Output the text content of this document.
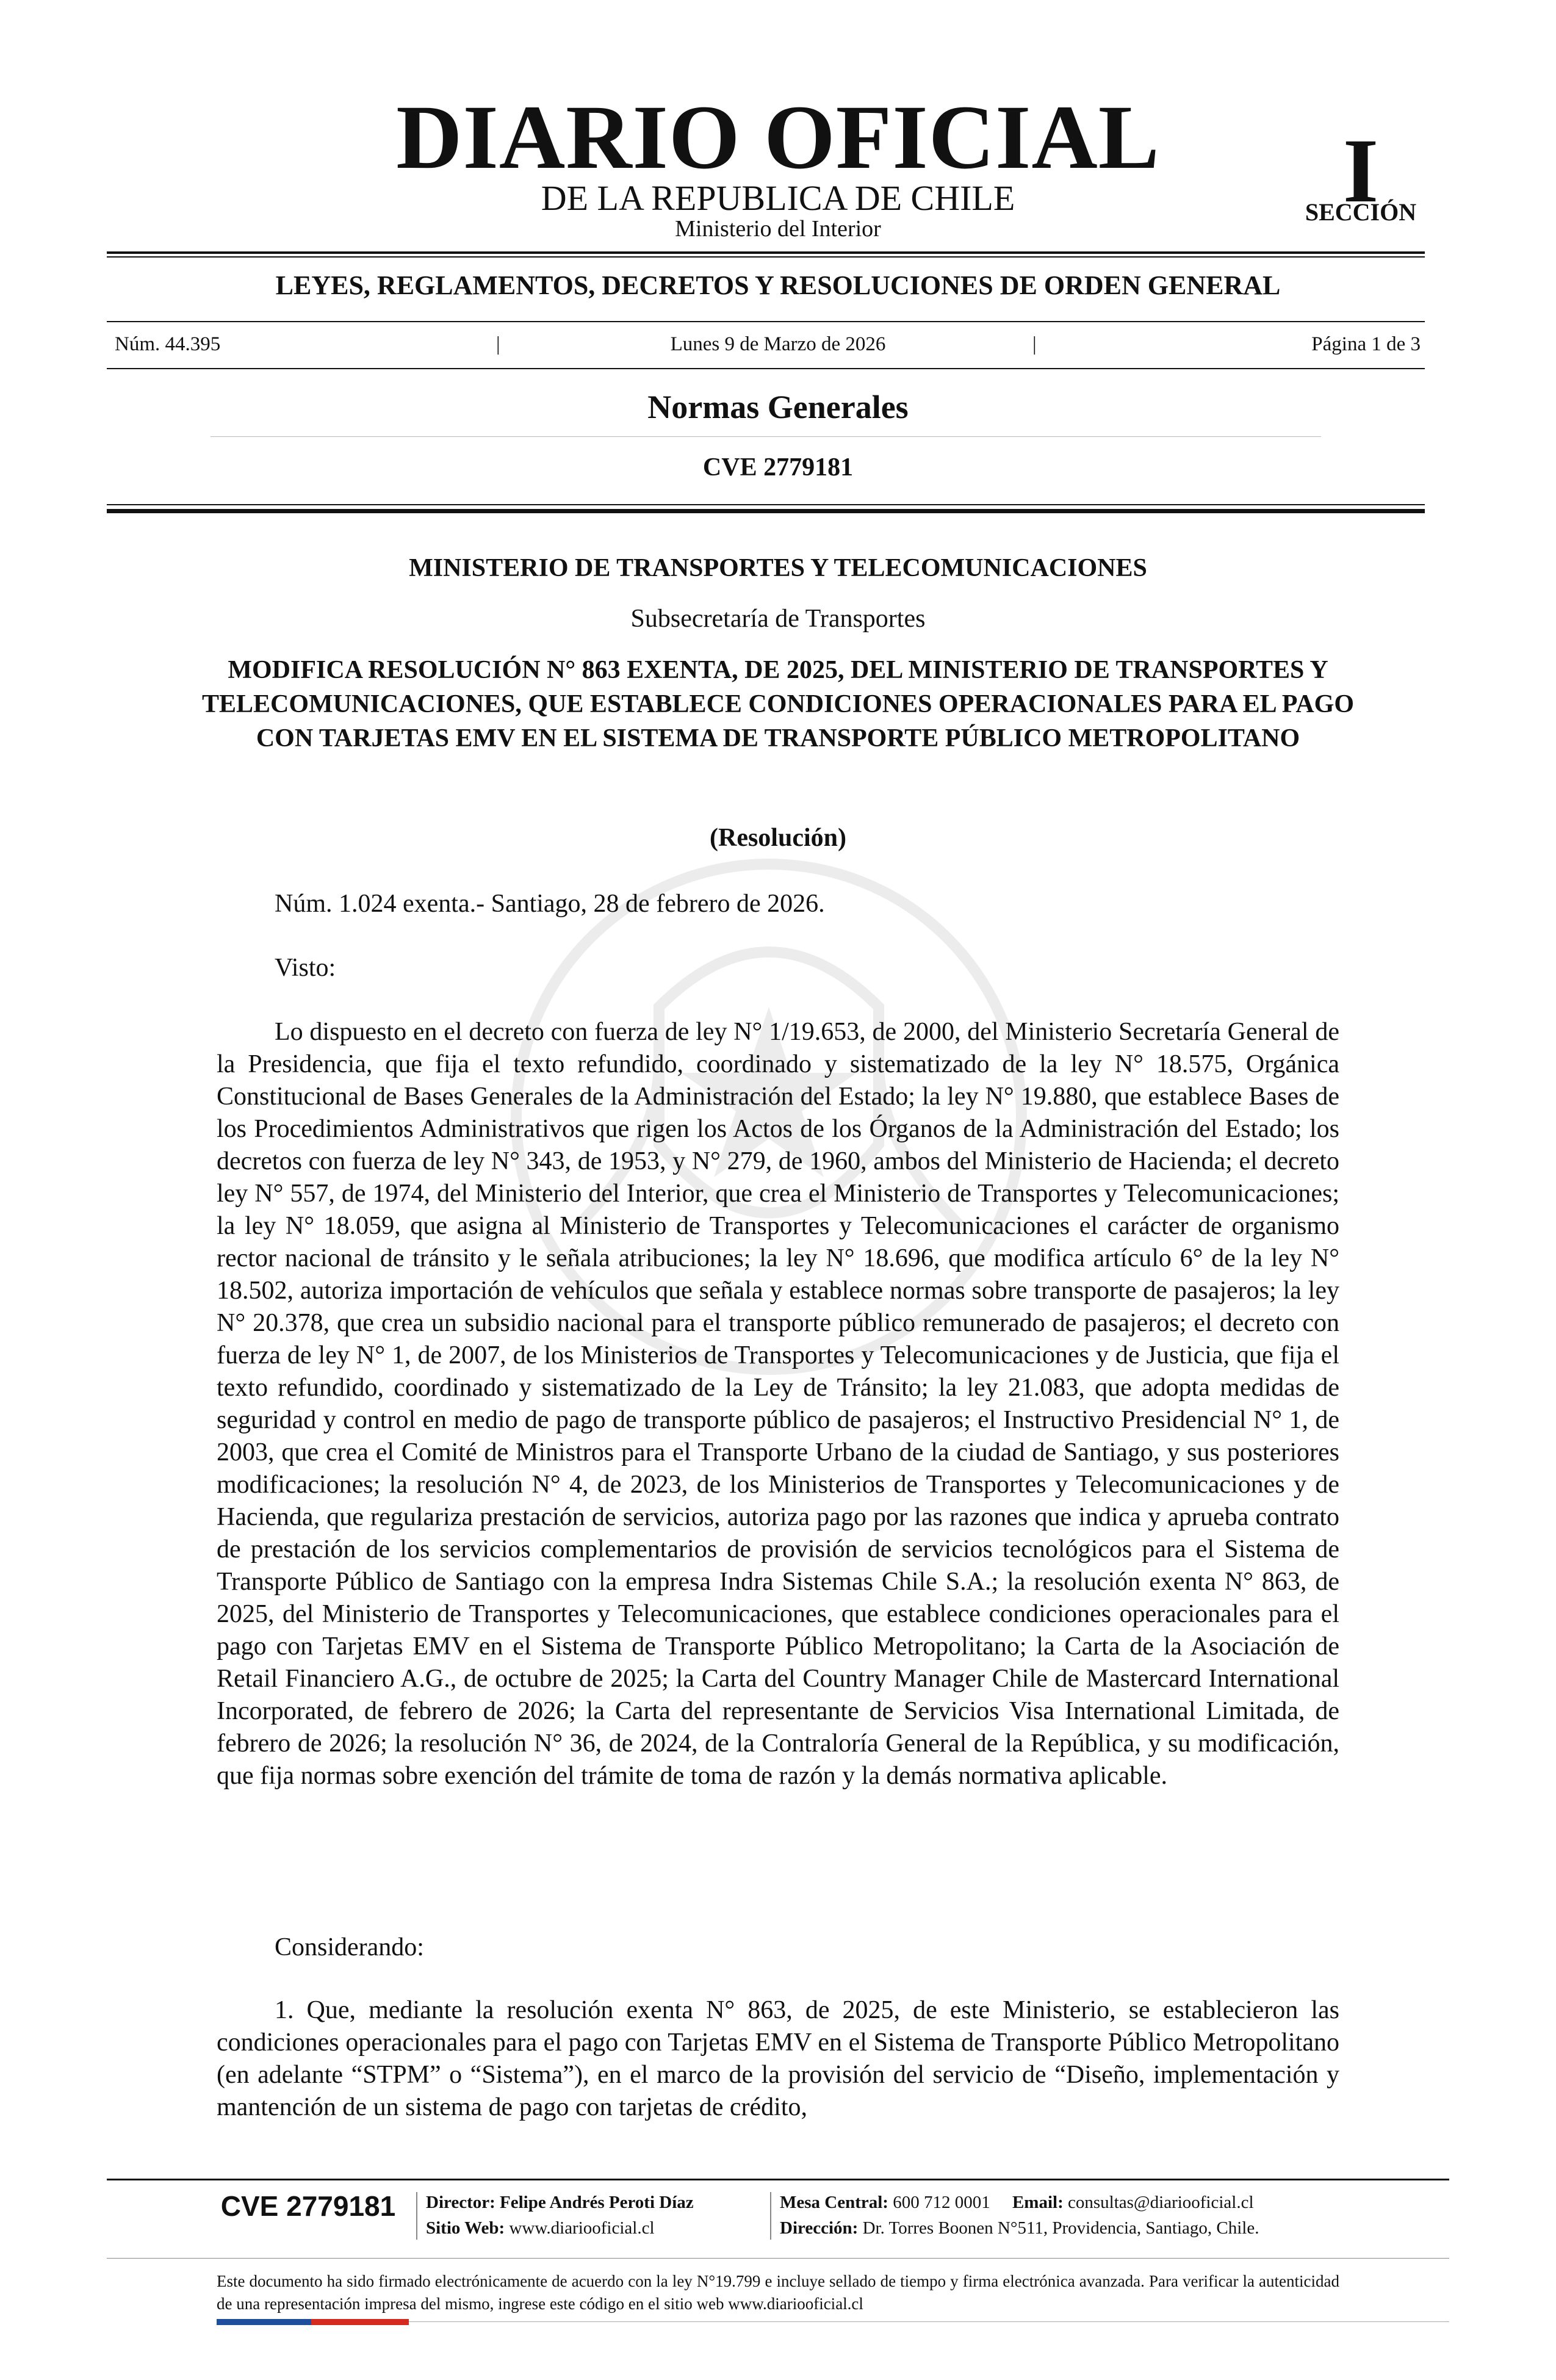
DIARIO OFICIAL
DE LA REPUBLICA DE CHILE
Ministerio del Interior
I
SECCIÓN
LEYES, REGLAMENTOS, DECRETOS Y RESOLUCIONES DE ORDEN GENERAL
Núm. 44.395	|	Lunes 9 de Marzo de 2026	|	Página 1 de 3
Normas Generales
CVE 2779181
MINISTERIO DE TRANSPORTES Y TELECOMUNICACIONES
Subsecretaría de Transportes
MODIFICA RESOLUCIÓN N° 863 EXENTA, DE 2025, DEL MINISTERIO DE TRANSPORTES Y TELECOMUNICACIONES, QUE ESTABLECE CONDICIONES OPERACIONALES PARA EL PAGO CON TARJETAS EMV EN EL SISTEMA DE TRANSPORTE PÚBLICO METROPOLITANO
(Resolución)
Núm. 1.024 exenta.- Santiago, 28 de febrero de 2026.
Visto:
Lo dispuesto en el decreto con fuerza de ley N° 1/19.653, de 2000, del Ministerio Secretaría General de la Presidencia, que fija el texto refundido, coordinado y sistematizado de la ley N° 18.575, Orgánica Constitucional de Bases Generales de la Administración del Estado; la ley N° 19.880, que establece Bases de los Procedimientos Administrativos que rigen los Actos de los Órganos de la Administración del Estado; los decretos con fuerza de ley N° 343, de 1953, y N° 279, de 1960, ambos del Ministerio de Hacienda; el decreto ley N° 557, de 1974, del Ministerio del Interior, que crea el Ministerio de Transportes y Telecomunicaciones; la ley N° 18.059, que asigna al Ministerio de Transportes y Telecomunicaciones el carácter de organismo rector nacional de tránsito y le señala atribuciones; la ley N° 18.696, que modifica artículo 6° de la ley N° 18.502, autoriza importación de vehículos que señala y establece normas sobre transporte de pasajeros; la ley N° 20.378, que crea un subsidio nacional para el transporte público remunerado de pasajeros; el decreto con fuerza de ley N° 1, de 2007, de los Ministerios de Transportes y Telecomunicaciones y de Justicia, que fija el texto refundido, coordinado y sistematizado de la Ley de Tránsito; la ley 21.083, que adopta medidas de seguridad y control en medio de pago de transporte público de pasajeros; el Instructivo Presidencial N° 1, de 2003, que crea el Comité de Ministros para el Transporte Urbano de la ciudad de Santiago, y sus posteriores modificaciones; la resolución N° 4, de 2023, de los Ministerios de Transportes y Telecomunicaciones y de Hacienda, que regulariza prestación de servicios, autoriza pago por las razones que indica y aprueba contrato de prestación de los servicios complementarios de provisión de servicios tecnológicos para el Sistema de Transporte Público de Santiago con la empresa Indra Sistemas Chile S.A.; la resolución exenta N° 863, de 2025, del Ministerio de Transportes y Telecomunicaciones, que establece condiciones operacionales para el pago con Tarjetas EMV en el Sistema de Transporte Público Metropolitano; la Carta de la Asociación de Retail Financiero A.G., de octubre de 2025; la Carta del Country Manager Chile de Mastercard International Incorporated, de febrero de 2026; la Carta del representante de Servicios Visa International Limitada, de febrero de 2026; la resolución N° 36, de 2024, de la Contraloría General de la República, y su modificación, que fija normas sobre exención del trámite de toma de razón y la demás normativa aplicable.
Considerando:
1. Que, mediante la resolución exenta N° 863, de 2025, de este Ministerio, se establecieron las condiciones operacionales para el pago con Tarjetas EMV en el Sistema de Transporte Público Metropolitano (en adelante “STPM” o “Sistema”), en el marco de la provisión del servicio de “Diseño, implementación y mantención de un sistema de pago con tarjetas de crédito,
CVE 2779181	Director: Felipe Andrés Peroti Díaz
Sitio Web: www.diariooficial.cl
Mesa Central: 600 712 0001 Email: consultas@diariooficial.cl
Dirección: Dr. Torres Boonen N°511, Providencia, Santiago, Chile.
Este documento ha sido firmado electrónicamente de acuerdo con la ley N°19.799 e incluye sellado de tiempo y firma electrónica avanzada. Para verificar la autenticidad de una representación impresa del mismo, ingrese este código en el sitio web www.diariooficial.cl
